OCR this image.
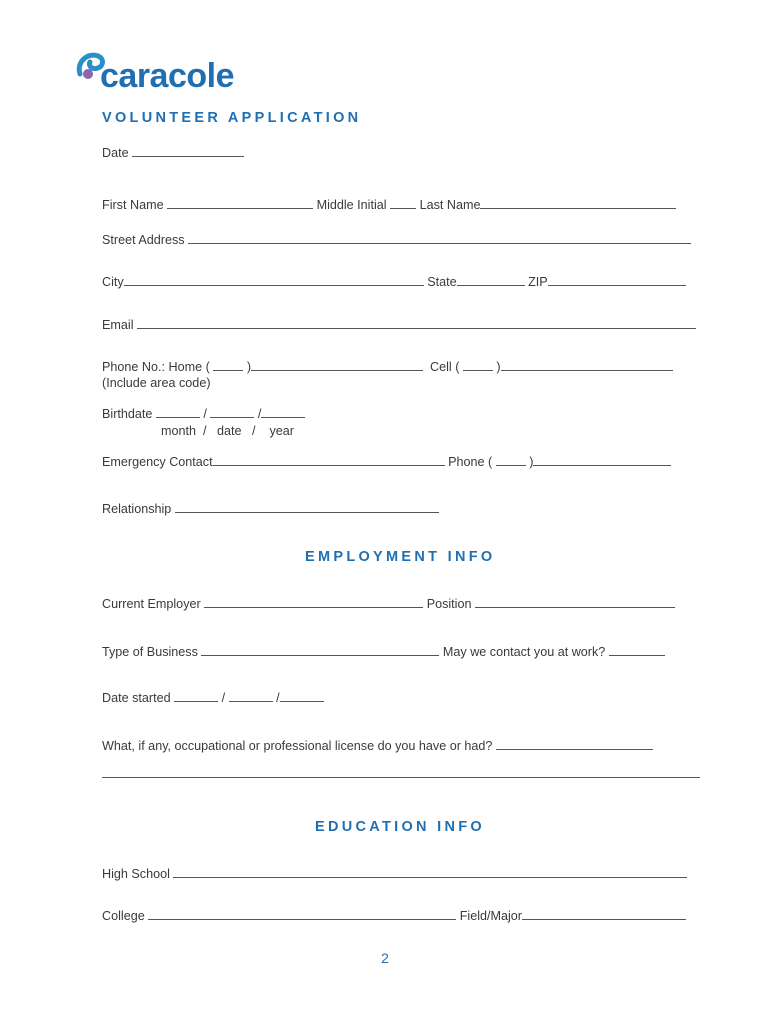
caracole
VOLUNTEER APPLICATION
Date
First Name	Middle Initial	Last Name
Street Address
City	State	ZIP
Email
Phone No.: Home (	)	Cell (	)
(Include area code)
Birthdate	/	/
month  /   date   /    year
Emergency Contact	Phone (	)
Relationship
EMPLOYMENT INFO
Current Employer	Position
Type of Business	May we contact you at work?
Date started	/	/
What, if any, occupational or professional license do you have or had?
EDUCATION INFO
High School
College	Field/Major
2
